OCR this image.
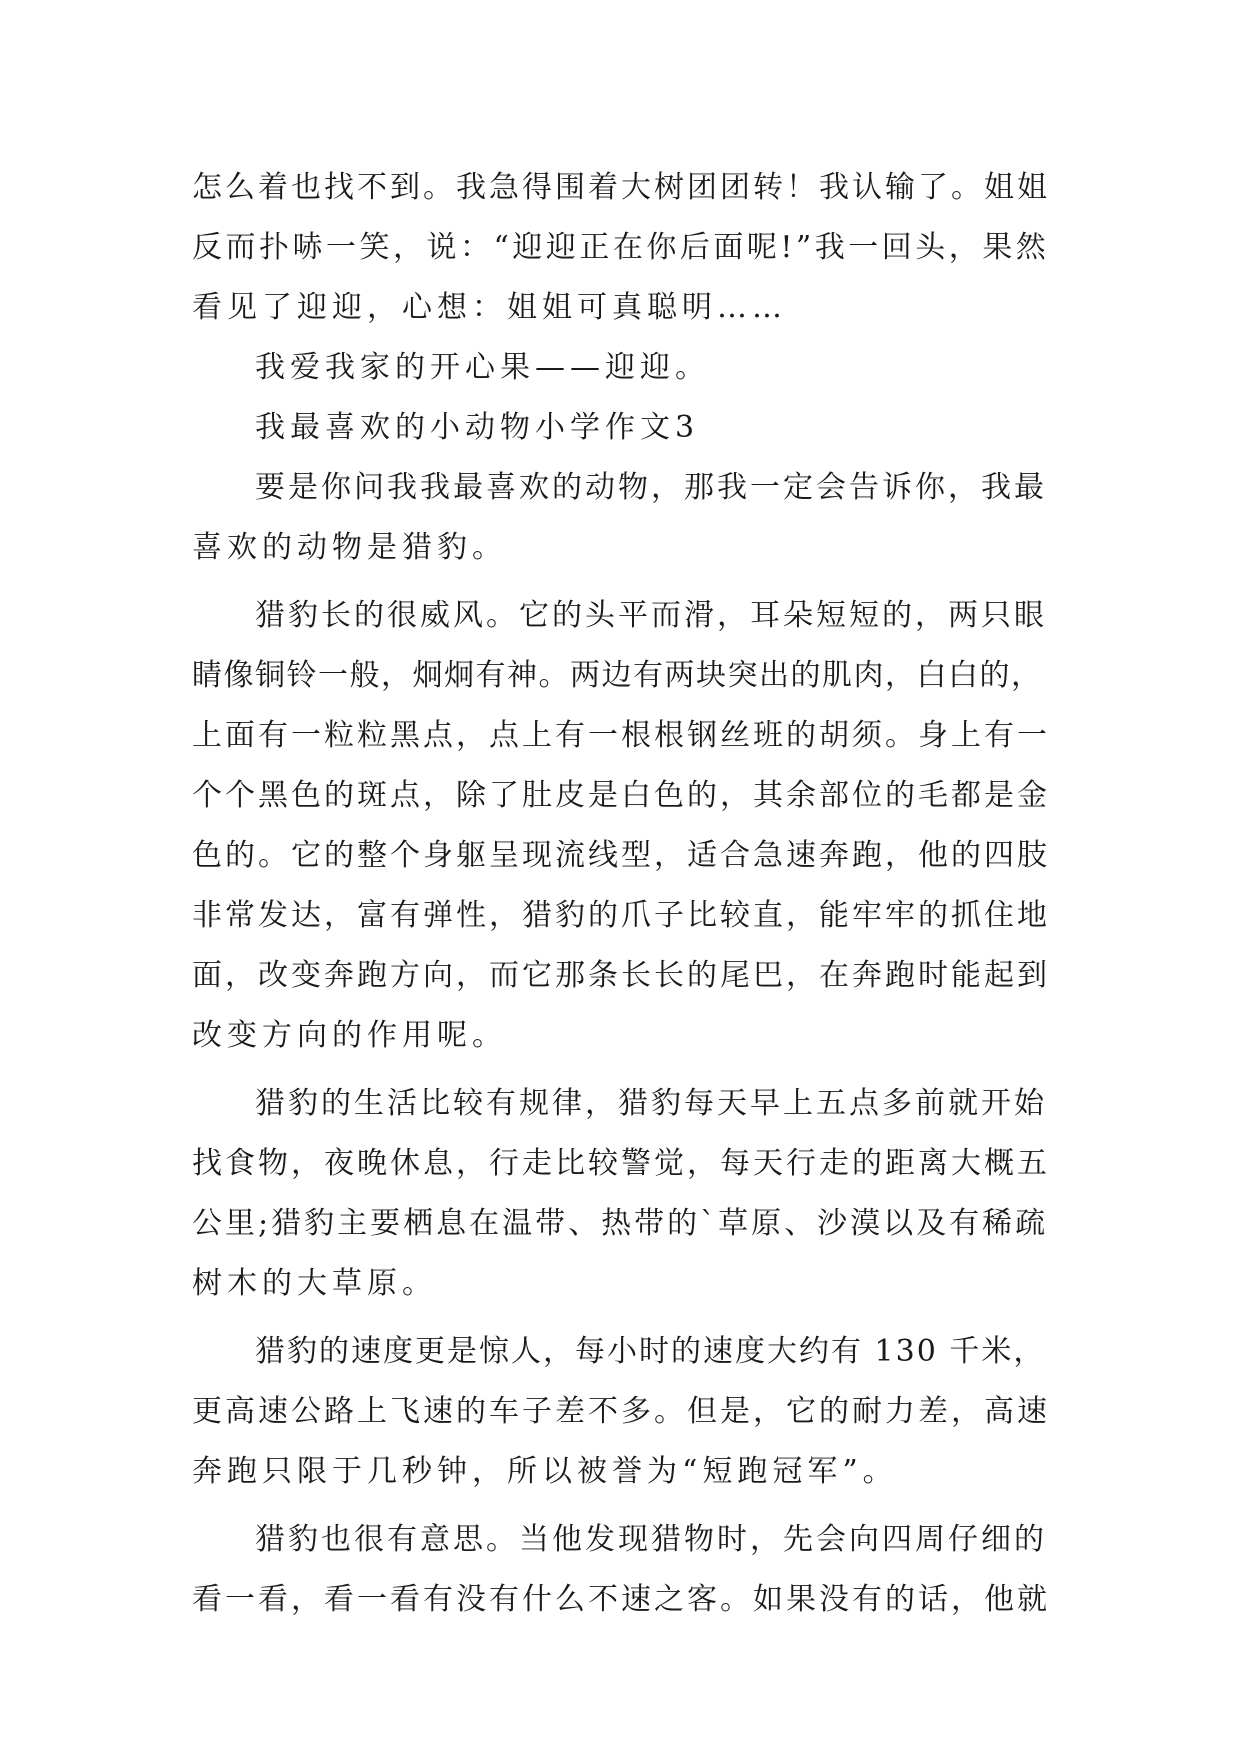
怎么着也找不到。我急得围着大树团团转！我认输了。姐姐
反而扑哧一笑，说：“迎迎正在你后面呢!”我一回头，果然
看见了迎迎，心想：姐姐可真聪明……
我爱我家的开心果——迎迎。
我最喜欢的小动物小学作文3
要是你问我我最喜欢的动物，那我一定会告诉你，我最
喜欢的动物是猎豹。
猎豹长的很威风。它的头平而滑，耳朵短短的，两只眼
睛像铜铃一般，炯炯有神。两边有两块突出的肌肉，白白的，
上面有一粒粒黑点，点上有一根根钢丝班的胡须。身上有一
个个黑色的斑点，除了肚皮是白色的，其余部位的毛都是金
色的。它的整个身躯呈现流线型，适合急速奔跑，他的四肢
非常发达，富有弹性，猎豹的爪子比较直，能牢牢的抓住地
面，改变奔跑方向，而它那条长长的尾巴，在奔跑时能起到
改变方向的作用呢。
猎豹的生活比较有规律，猎豹每天早上五点多前就开始
找食物，夜晚休息，行走比较警觉，每天行走的距离大概五
公里;猎豹主要栖息在温带、热带的`草原、沙漠以及有稀疏
树木的大草原。
猎豹的速度更是惊人，每小时的速度大约有 130 千米，
更高速公路上飞速的车子差不多。但是，它的耐力差，高速
奔跑只限于几秒钟，所以被誉为“短跑冠军”。
猎豹也很有意思。当他发现猎物时，先会向四周仔细的
看一看，看一看有没有什么不速之客。如果没有的话，他就
